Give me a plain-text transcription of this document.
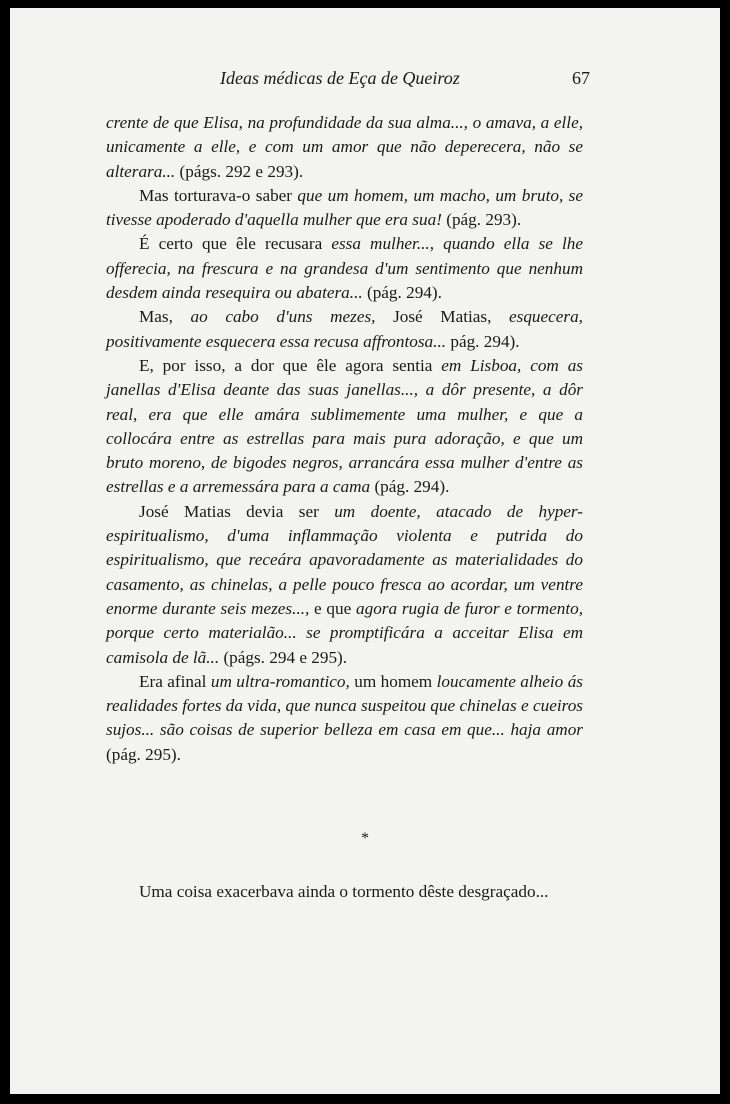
Ideas médicas de Eça de Queiroz	67

crente de que Elisa, na profundidade da sua alma..., o amava, a elle, unicamente a elle, e com um amor que não deperecera, não se alterara... (págs. 292 e 293).

Mas torturava-o saber que um homem, um macho, um bruto, se tivesse apoderado d'aquella mulher que era sua! (pág. 293).

É certo que êle recusara essa mulher..., quando ella se lhe offerecia, na frescura e na grandesa d'um sentimento que nenhum desdem ainda resequira ou abatera... (pág. 294).

Mas, ao cabo d'uns mezes, José Matias, esquecera, positivamente esquecera essa recusa affrontosa... pág. 294).

E, por isso, a dor que êle agora sentia em Lisboa, com as janellas d'Elisa deante das suas janellas..., a dôr presente, a dôr real, era que elle amára sublimemente uma mulher, e que a collocára entre as estrellas para mais pura adoração, e que um bruto moreno, de bigodes negros, arrancára essa mulher d'entre as estrellas e a arremessára para a cama (pág. 294).

José Matias devia ser um doente, atacado de hyper-espiritualismo, d'uma inflammação violenta e putrida do espiritualismo, que receára apavoradamente as materialidades do casamento, as chinelas, a pelle pouco fresca ao acordar, um ventre enorme durante seis mezes..., e que agora rugia de furor e tormento, porque certo materialão... se promptificára a acceitar Elisa em camisola de lã... (págs. 294 e 295).

Era afinal um ultra-romantico, um homem loucamente alheio ás realidades fortes da vida, que nunca suspeitou que chinelas e cueiros sujos... são coisas de superior belleza em casa em que... haja amor (pág. 295).

*

Uma coisa exacerbava ainda o tormento dêste desgraçado...
